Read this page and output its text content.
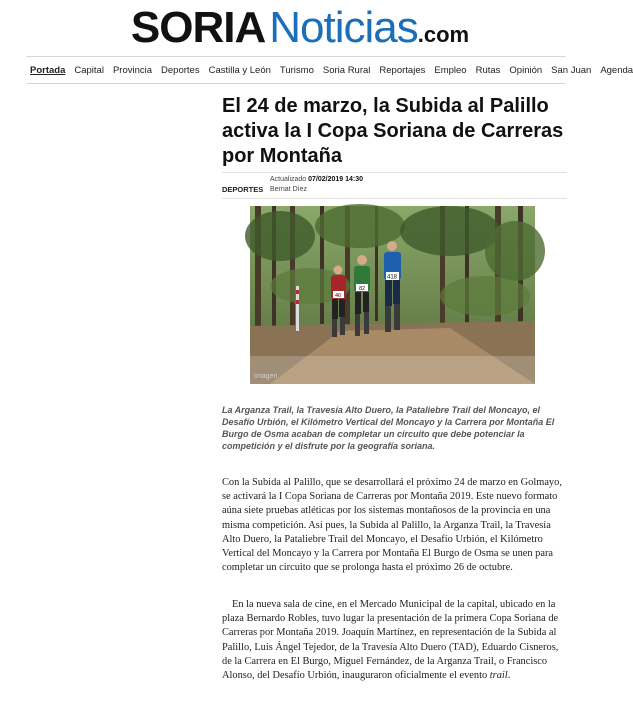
SORIANoticias.com
Portada Capital Provincia Deportes Castilla y León Turismo Soria Rural Reportajes Empleo Rutas Opinión San Juan Agenda
El 24 de marzo, la Subida al Palillo activa la I Copa Soriana de Carreras por Montaña
DEPORTES
Actualizado 07/02/2019 14:30
Bernat Díez
418
82
46
Imagen

La Arganza Trail, la Travesía Alto Duero, la Pataliebre Trail del Moncayo, el Desafío Urbión, el Kilómetro Vertical del Moncayo y la Carrera por Montaña El Burgo de Osma acaban de completar un circuito que debe potenciar la competición y el disfrute por la geografía soriana.

Con la Subida al Palillo, que se desarrollará el próximo 24 de marzo en Golmayo, se activará la I Copa Soriana de Carreras por Montaña 2019. Este nuevo formato aúna siete pruebas atléticas por los sistemas montañosos de la provincia en una misma competición. Así pues, la Subida al Palillo, la Arganza Trail, la Travesía Alto Duero, la Pataliebre Trail del Moncayo, el Desafío Urbión, el Kilómetro Vertical del Moncayo y la Carrera por Montaña El Burgo de Osma se unen para completar un circuito que se prolonga hasta el próximo 26 de octubre.

En la nueva sala de cine, en el Mercado Municipal de la capital, ubicado en la plaza Bernardo Robles, tuvo lugar la presentación de la primera Copa Soriana de Carreras por Montaña 2019. Joaquín Martínez, en representación de la Subida al Palillo, Luis Ángel Tejedor, de la Travesía Alto Duero (TAD), Eduardo Cisneros, de la Carrera en El Burgo, Miguel Fernández, de la Arganza Trail, o Francisco Alonso, del Desafío Urbión, inauguraron oficialmente el evento trail.
